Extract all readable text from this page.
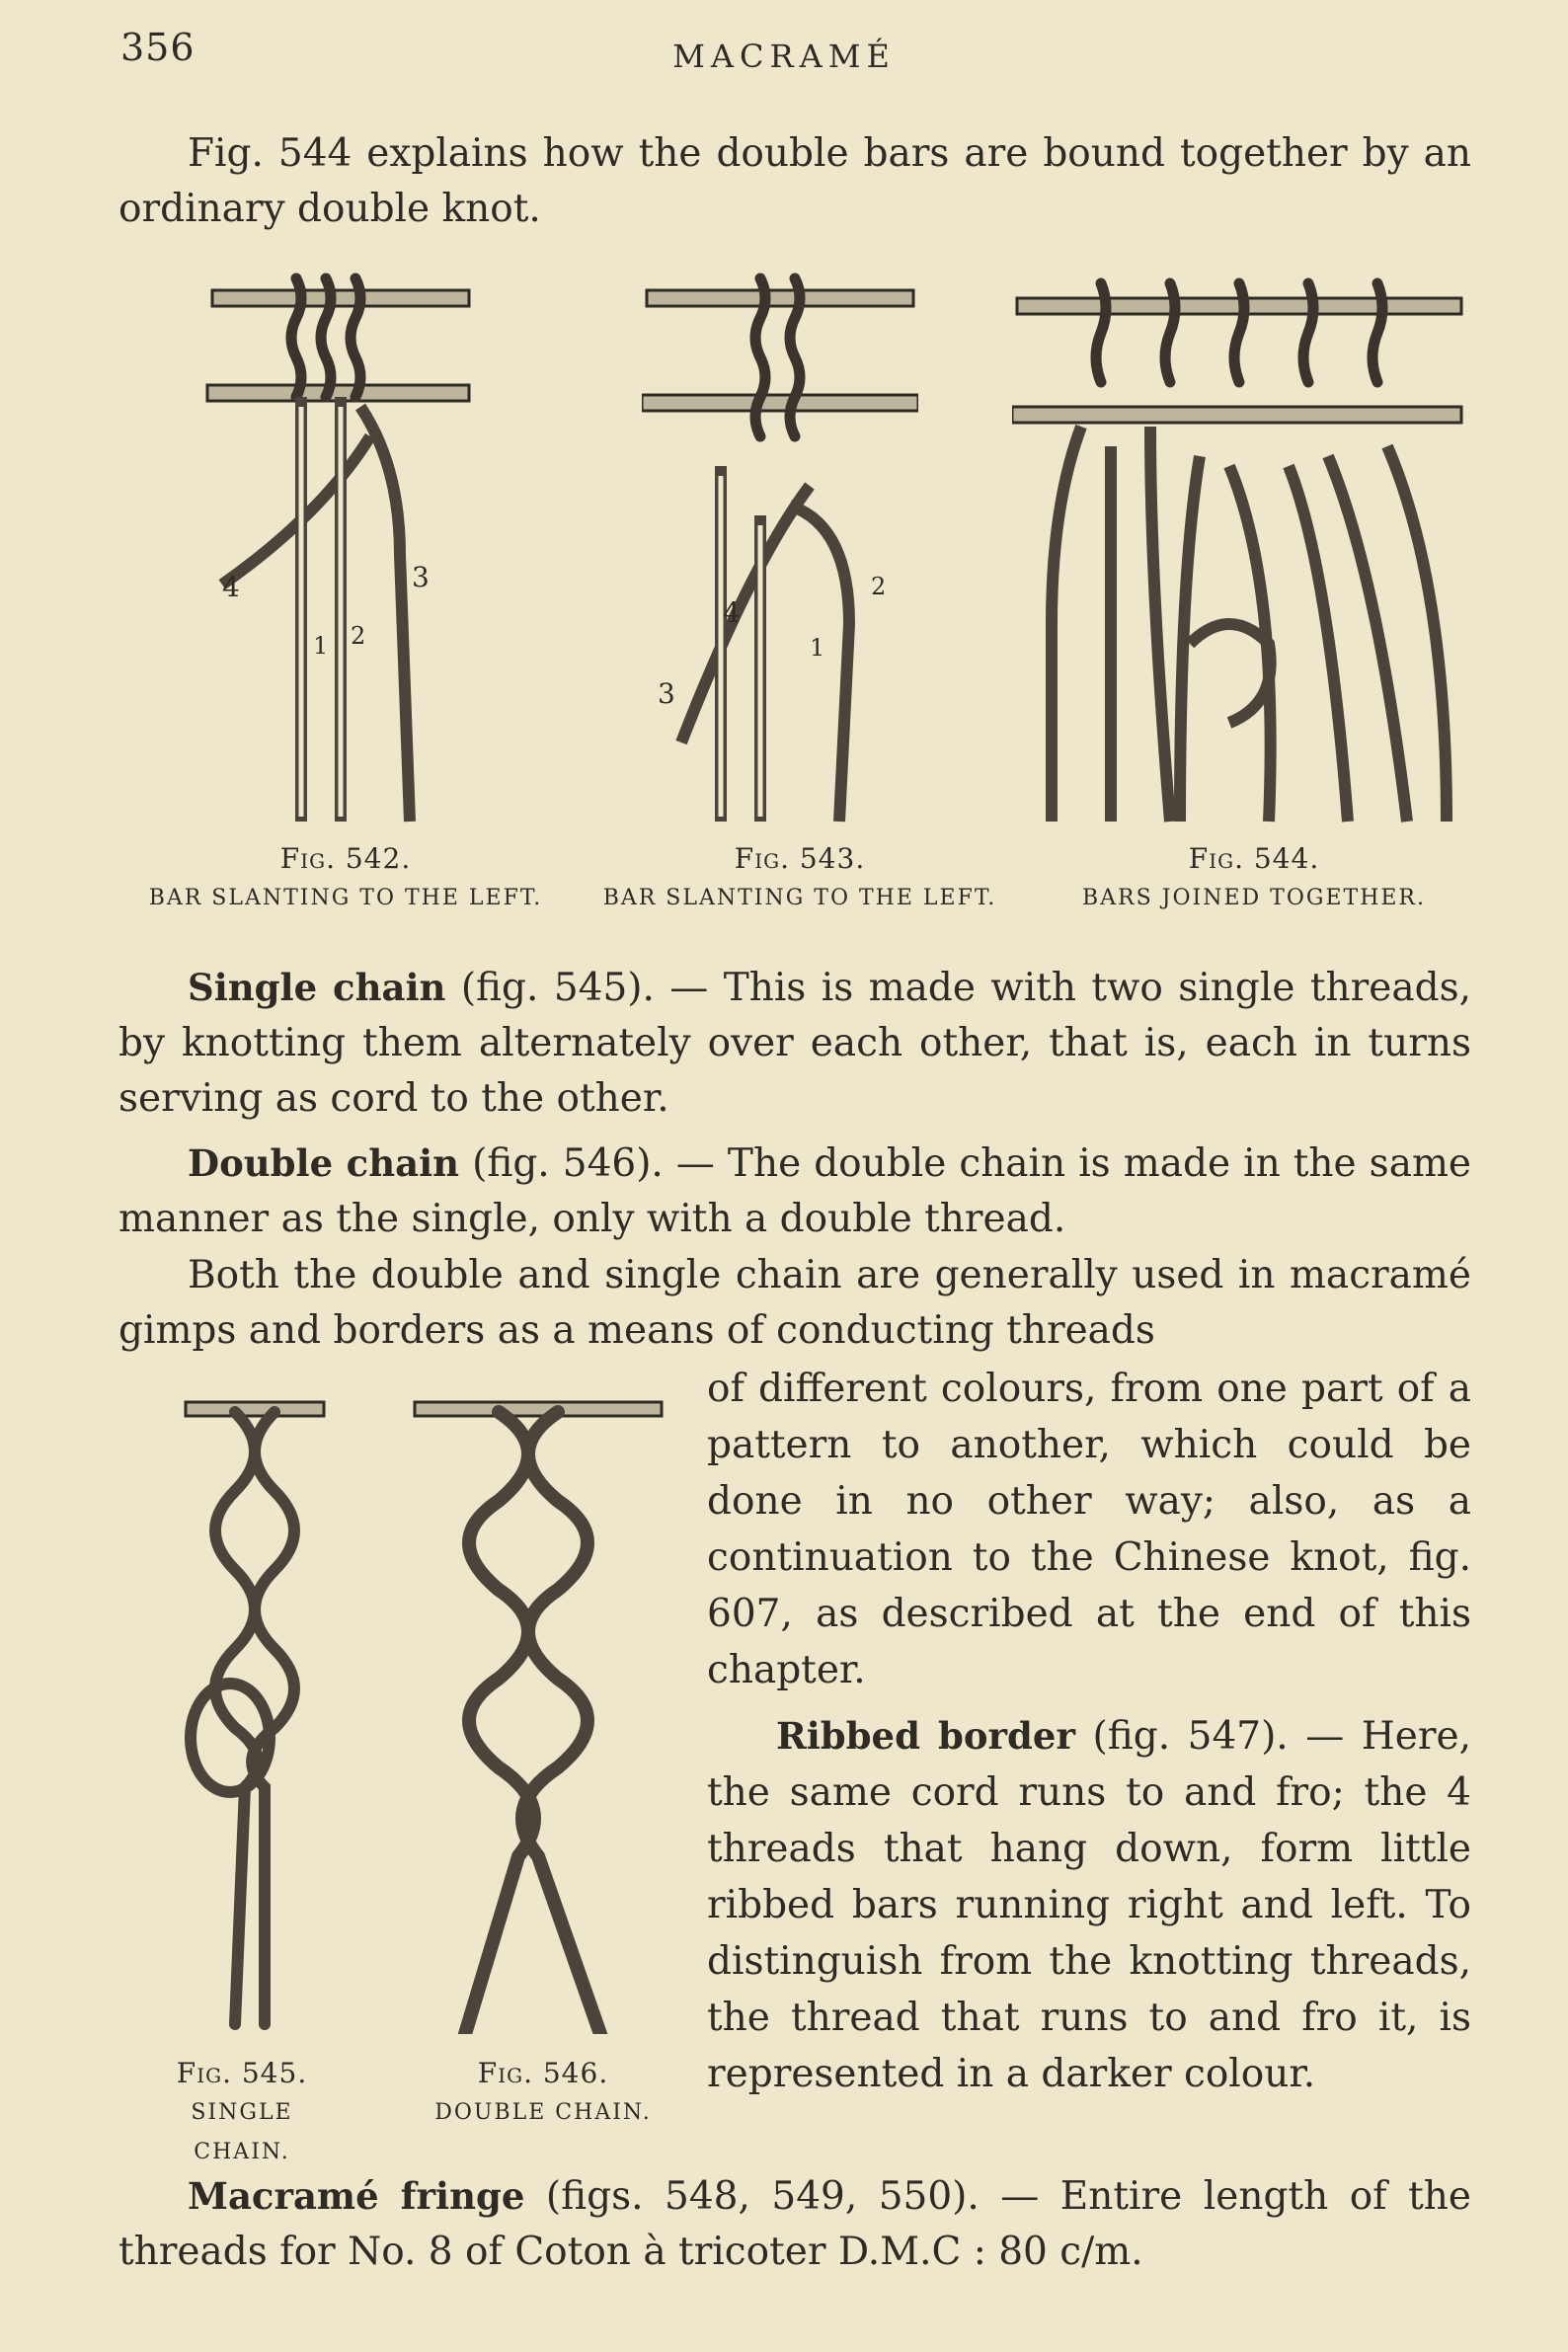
356	MACRAMÉ

Fig. 544 explains how the double bars are bound together by an ordinary double knot.

4	3
1 2
4
2
1
3
Fig. 542.
BAR SLANTING TO THE LEFT.
Fig. 543.
BAR SLANTING TO THE LEFT.
Fig. 544.
BARS JOINED TOGETHER.

Single chain (fig. 545). — This is made with two single threads, by knotting them alternately over each other, that is, each in turns serving as cord to the other.

Double chain (fig. 546). — The double chain is made in the same manner as the single, only with a double thread.

Both the double and single chain are generally used in macramé gimps and borders as a means of conducting threads

Fig. 545.
SINGLE CHAIN.
Fig. 546.
DOUBLE CHAIN.

of different colours, from one part of a pattern to another, which could be done in no other way; also, as a continuation to the Chinese knot, fig. 607, as described at the end of this chapter.

Ribbed border (fig. 547). — Here, the same cord runs to and fro; the 4 threads that hang down, form little ribbed bars running right and left. To distinguish from the knotting threads, the thread that runs to and fro it, is represented in a darker colour.

Macramé fringe (figs. 548, 549, 550). — Entire length of the threads for No. 8 of Coton à tricoter D.M.C : 80 c/m.
